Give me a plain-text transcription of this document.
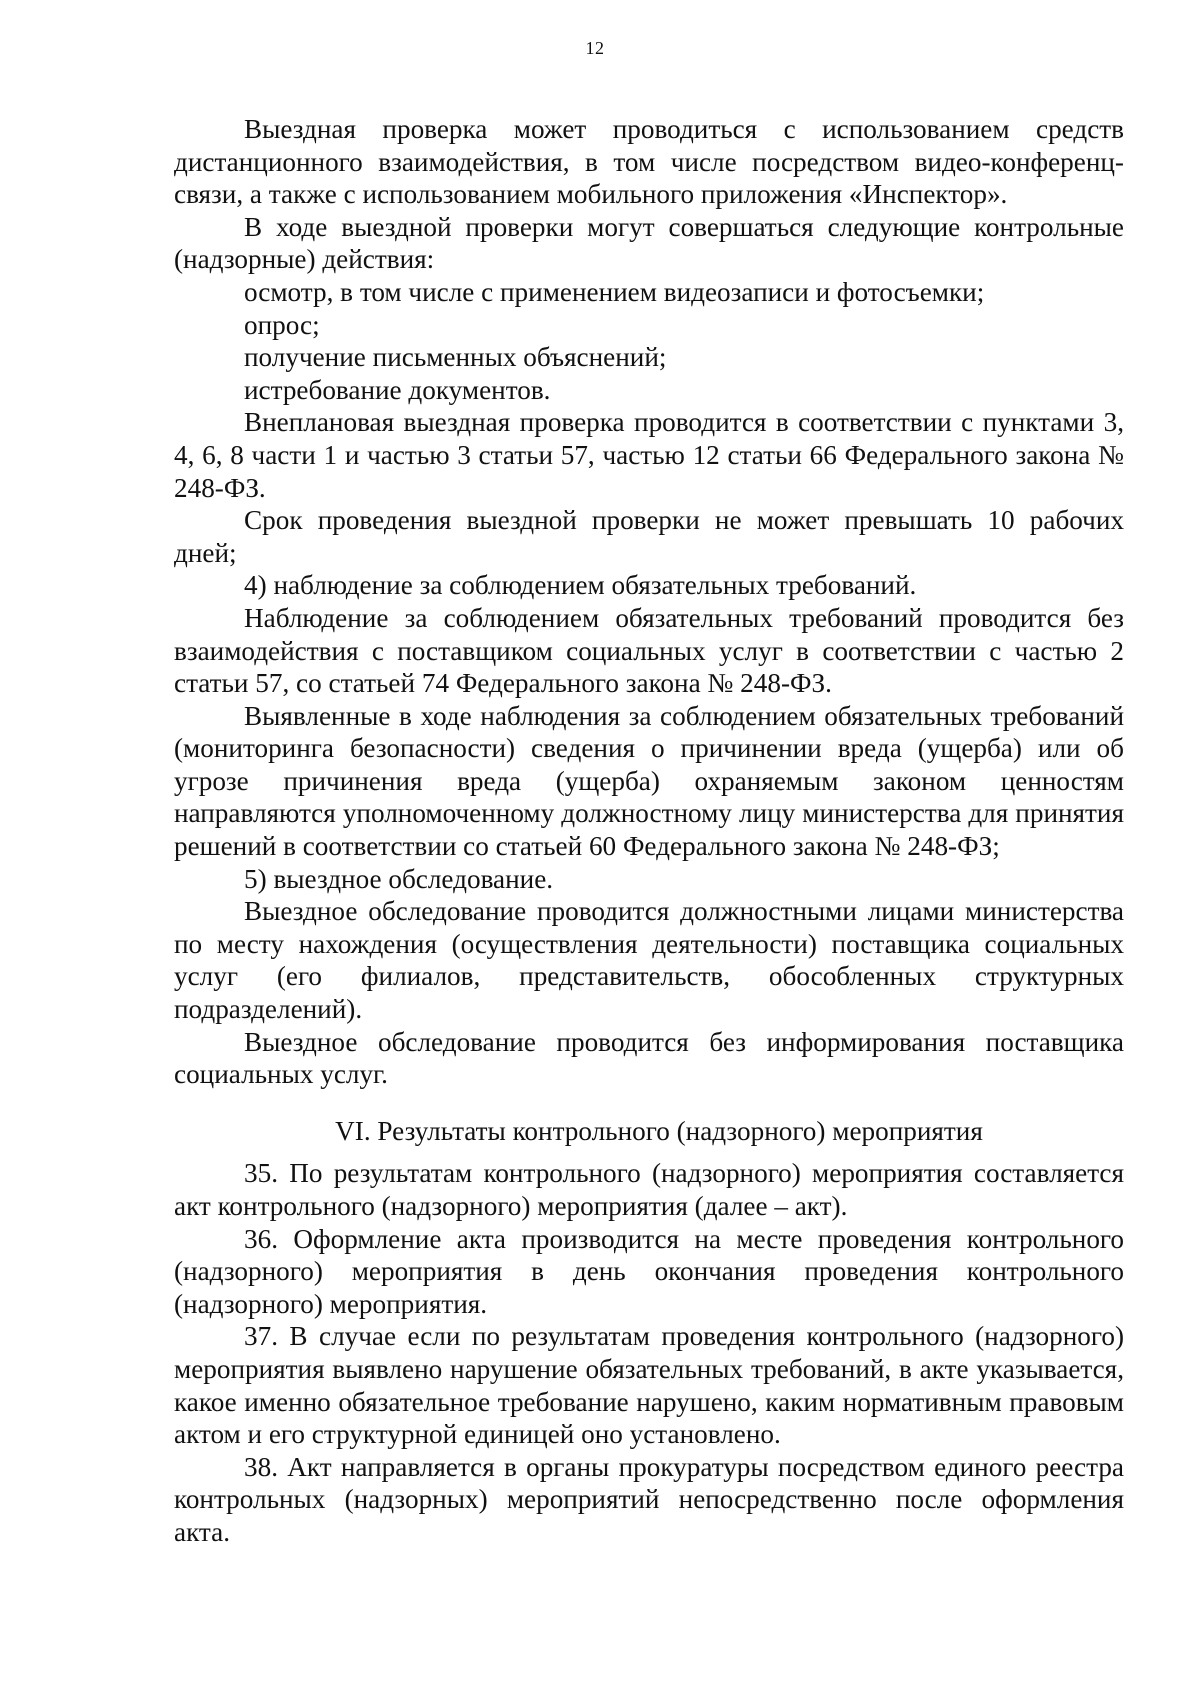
12

Выездная проверка может проводиться с использованием средств дистанционного взаимодействия, в том числе посредством видео-конференц-связи, а также с использованием мобильного приложения «Инспектор».

В ходе выездной проверки могут совершаться следующие контрольные (надзорные) действия:

осмотр, в том числе с применением видеозаписи и фотосъемки;

опрос;

получение письменных объяснений;

истребование документов.

Внеплановая выездная проверка проводится в соответствии с пунктами 3, 4, 6, 8 части 1 и частью 3 статьи 57, частью 12 статьи 66 Федерального закона № 248-ФЗ.

Срок проведения выездной проверки не может превышать 10 рабочих дней;

4) наблюдение за соблюдением обязательных требований.

Наблюдение за соблюдением обязательных требований проводится без взаимодействия с поставщиком социальных услуг в соответствии с частью 2 статьи 57, со статьей 74 Федерального закона № 248-ФЗ.

Выявленные в ходе наблюдения за соблюдением обязательных требований (мониторинга безопасности) сведения о причинении вреда (ущерба) или об угрозе причинения вреда (ущерба) охраняемым законом ценностям направляются уполномоченному должностному лицу министерства для принятия решений в соответствии со статьей 60 Федерального закона № 248-ФЗ;

5) выездное обследование.

Выездное обследование проводится должностными лицами министерства по месту нахождения (осуществления деятельности) поставщика социальных услуг (его филиалов, представительств, обособленных структурных подразделений).

Выездное обследование проводится без информирования поставщика социальных услуг.

VI. Результаты контрольного (надзорного) мероприятия

35. По результатам контрольного (надзорного) мероприятия составляется акт контрольного (надзорного) мероприятия (далее – акт).

36. Оформление акта производится на месте проведения контрольного (надзорного) мероприятия в день окончания проведения контрольного (надзорного) мероприятия.

37. В случае если по результатам проведения контрольного (надзорного) мероприятия выявлено нарушение обязательных требований, в акте указывается, какое именно обязательное требование нарушено, каким нормативным правовым актом и его структурной единицей оно установлено.

38. Акт направляется в органы прокуратуры посредством единого реестра контрольных (надзорных) мероприятий непосредственно после оформления акта.
